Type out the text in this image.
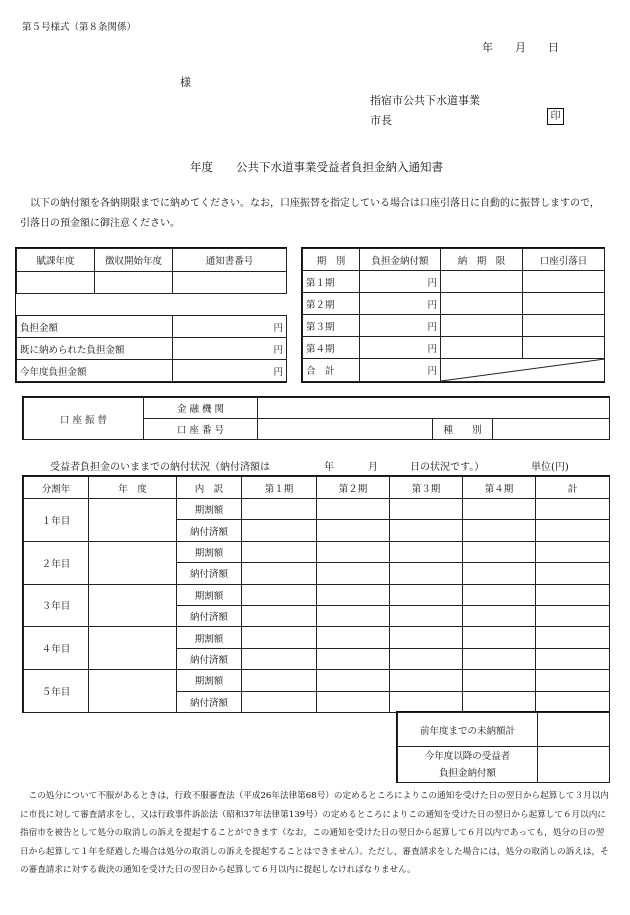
第５号様式（第８条関係）
年　　月　　日
様
指宿市公共下水道事業
市長	印
年度　　公共下水道事業受益者負担金納入通知書
以下の納付額を各納期限までに納めてください。なお，口座振替を指定している場合は口座引落日に自動的に振替しますので，引落日の預金額に御注意ください。
賦課年度	徴収開始年度	通知書番号

負担金額		円
既に納められた負担金額		円
今年度負担金額		円
期　別	負担金納付額	納　期　限	口座引落日
第１期	円		
第２期	円		
第３期	円		
第４期	円		
合　計	円	
口 座 振 替	金 融 機 関			
	口 座 番 号		種　　別	
受益者負担金のいままでの納付状況（納付済額は	年	月	日の状況です。）	単位(円)
分割年	年　度	内　訳	第１期	第２期	第３期	第４期	計
１年目		期割額					
		納付済額					
２年目		期割額					
		納付済額					
３年目		期割額					
		納付済額					
４年目		期割額					
		納付済額					
５年目		期割額					
		納付済額					
前年度までの未納額計	
今年度以降の受益者
負担金納付額	
この処分について不服があるときは，行政不服審査法（平成26年法律第68号）の定めるところによりこの通知を受けた日の翌日から起算して３月以内に市長に対して審査請求をし，又は行政事件訴訟法（昭和37年法律第139号）の定めるところによりこの通知を受けた日の翌日から起算して６月以内に指宿市を被告として処分の取消しの訴えを提起することができます（なお，この通知を受けた日の翌日から起算して６月以内であっても，処分の日の翌日から起算して１年を経過した場合は処分の取消しの訴えを提起することはできません）。ただし，審査請求をした場合には，処分の取消しの訴えは，その審査請求に対する裁決の通知を受けた日の翌日から起算して６月以内に提起しなければなりません。
